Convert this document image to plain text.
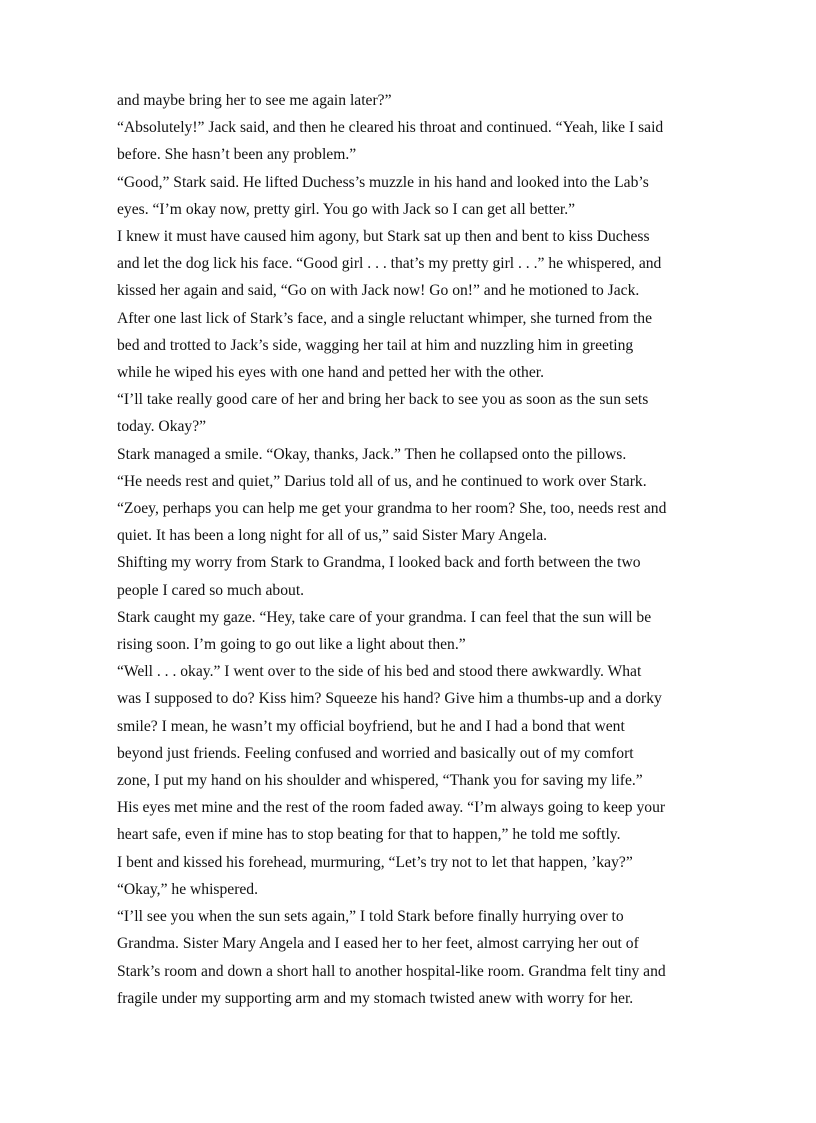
and maybe bring her to see me again later?”

“Absolutely!” Jack said, and then he cleared his throat and continued. “Yeah, like I said

before. She hasn’t been any problem.”

“Good,” Stark said. He lifted Duchess’s muzzle in his hand and looked into the Lab’s

eyes. “I’m okay now, pretty girl. You go with Jack so I can get all better.”

I knew it must have caused him agony, but Stark sat up then and bent to kiss Duchess

and let the dog lick his face. “Good girl . . . that’s my pretty girl . . .” he whispered, and

kissed her again and said, “Go on with Jack now! Go on!” and he motioned to Jack.

After one last lick of Stark’s face, and a single reluctant whimper, she turned from the

bed and trotted to Jack’s side, wagging her tail at him and nuzzling him in greeting

while he wiped his eyes with one hand and petted her with the other.

“I’ll take really good care of her and bring her back to see you as soon as the sun sets

today. Okay?”

Stark managed a smile. “Okay, thanks, Jack.” Then he collapsed onto the pillows.

“He needs rest and quiet,” Darius told all of us, and he continued to work over Stark.

“Zoey, perhaps you can help me get your grandma to her room? She, too, needs rest and

quiet. It has been a long night for all of us,” said Sister Mary Angela.

Shifting my worry from Stark to Grandma, I looked back and forth between the two

people I cared so much about.

Stark caught my gaze. “Hey, take care of your grandma. I can feel that the sun will be

rising soon. I’m going to go out like a light about then.”

“Well . . . okay.” I went over to the side of his bed and stood there awkwardly. What

was I supposed to do? Kiss him? Squeeze his hand? Give him a thumbs-up and a dorky

smile? I mean, he wasn’t my official boyfriend, but he and I had a bond that went

beyond just friends. Feeling confused and worried and basically out of my comfort

zone, I put my hand on his shoulder and whispered, “Thank you for saving my life.”

His eyes met mine and the rest of the room faded away. “I’m always going to keep your

heart safe, even if mine has to stop beating for that to happen,” he told me softly.

I bent and kissed his forehead, murmuring, “Let’s try not to let that happen, ’kay?”

“Okay,” he whispered.

“I’ll see you when the sun sets again,” I told Stark before finally hurrying over to

Grandma. Sister Mary Angela and I eased her to her feet, almost carrying her out of

Stark’s room and down a short hall to another hospital-like room. Grandma felt tiny and

fragile under my supporting arm and my stomach twisted anew with worry for her.
